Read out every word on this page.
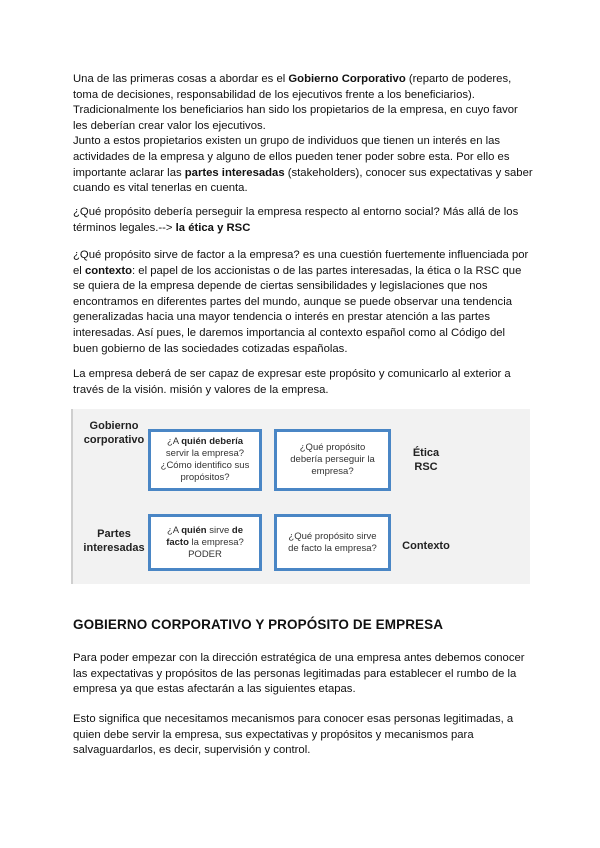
Una de las primeras cosas a abordar es el Gobierno Corporativo (reparto de poderes, toma de decisiones, responsabilidad de los ejecutivos frente a los beneficiarios).
Tradicionalmente los beneficiarios han sido los propietarios de la empresa, en cuyo favor les deberían crear valor los ejecutivos.
Junto a estos propietarios existen un grupo de individuos que tienen un interés en las actividades de la empresa y alguno de ellos pueden tener poder sobre esta. Por ello es importante aclarar las partes interesadas (stakeholders), conocer sus expectativas y saber cuando es vital tenerlas en cuenta.

¿Qué propósito debería perseguir la empresa respecto al entorno social? Más allá de los términos legales.--> la ética y RSC

¿Qué propósito sirve de factor a la empresa? es una cuestión fuertemente influenciada por el contexto: el papel de los accionistas o de las partes interesadas, la ética o la RSC que se quiera de la empresa depende de ciertas sensibilidades y legislaciones que nos encontramos en diferentes partes del mundo, aunque se puede observar una tendencia generalizadas hacia una mayor tendencia o interés en prestar atención a las partes interesadas. Así pues, le daremos importancia al contexto español como al Código del buen gobierno de las sociedades cotizadas españolas.

La empresa deberá de ser capaz de expresar este propósito y comunicarlo al exterior a través de la visión. misión y valores de la empresa.

Gobierno
corporativo	¿A quién debería servir la empresa? ¿Cómo identifico sus propósitos?
¿Qué propósito debería perseguir la empresa?
Ética
RSC
Partes
interesadas
¿A quién sirve de facto la empresa?
PODER
¿Qué propósito sirve de facto la empresa?	Contexto
GOBIERNO CORPORATIVO Y PROPÓSITO DE EMPRESA

Para poder empezar con la dirección estratégica de una empresa antes debemos conocer las expectativas y propósitos de las personas legitimadas para establecer el rumbo de la empresa ya que estas afectarán a las siguientes etapas.

Esto significa que necesitamos mecanismos para conocer esas personas legitimadas, a quien debe servir la empresa, sus expectativas y propósitos y mecanismos para salvaguardarlos, es decir, supervisión y control.
